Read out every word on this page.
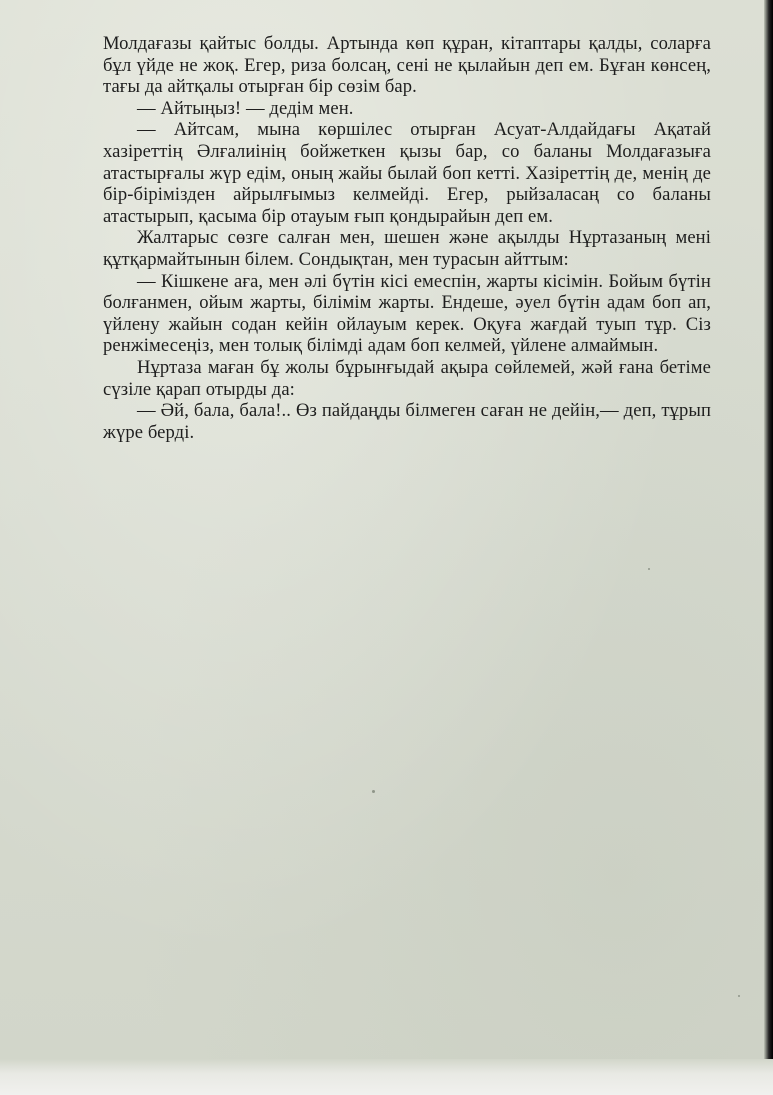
Молдағазы қайтыс болды. Артында көп құран, кітаптары қалды, соларға бұл үйде не жоқ. Егер, риза болсаң, сені не қылайын деп ем. Бұған көнсең, тағы да айтқалы отырған бір сөзім бар.

— Айтыңыз! — дедім мен.

— Айтсам, мына көршілес отырған Асуат-Алдайдағы Ақатай хазіреттің Әлғалиінің бойжеткен қызы бар, со баланы Молдағазыға атастырғалы жүр едім, оның жайы былай боп кетті. Хазіреттің де, менің де бір-бірімізден айрылғымыз келмейді. Егер, рыйзаласаң со баланы атастырып, қасыма бір отауым ғып қондырайын деп ем.

Жалтарыс сөзге салған мен, шешен және ақылды Нұртазаның мені құтқармайтынын білем. Сондықтан, мен турасын айттым:

— Кішкене аға, мен әлі бүтін кісі емеспін, жарты кісімін. Бойым бүтін болғанмен, ойым жарты, білімім жарты. Ендеше, әуел бүтін адам боп ап, үйлену жайын содан кейін ойлауым керек. Оқуға жағдай туып тұр. Сіз ренжімесеңіз, мен толық білімді адам боп келмей, үйлене алмаймын.

Нұртаза маған бұ жолы бұрынғыдай ақыра сөйлемей, жәй ғана бетіме сүзіле қарап отырды да:

— Әй, бала, бала!.. Өз пайдаңды білмеген саған не дейін,— деп, тұрып жүре берді.
